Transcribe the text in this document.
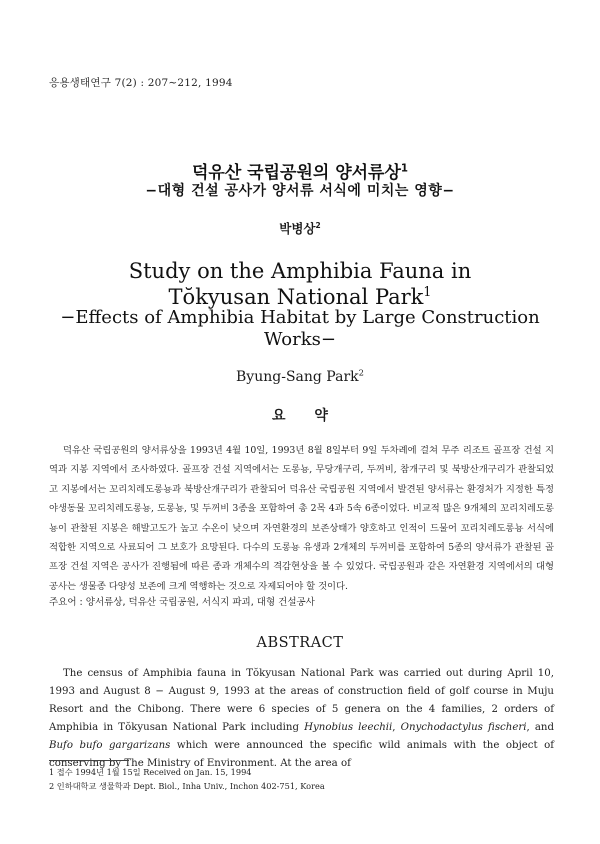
응용생태연구 7(2) : 207∼212, 1994
덕유산 국립공원의 양서류상$^1$
−대형 건설 공사가 양서류 서식에 미치는 영향−
박병상$^2$
Study on the Amphibia Fauna in
Tŏkyusan National Park$^1$
−Effects of Amphibia Habitat by Large Construction
Works−
Byung-Sang Park$^2$
요 약
덕유산 국립공원의 양서류상을 1993년 4월 10일, 1993년 8월 8일부터 9일 두차례에 걸쳐 무주 리조트 골프장 건설 지역과 지봉 지역에서 조사하였다. 골프장 건설 지역에서는 도롱뇽, 무당개구리, 두꺼비, 참개구리 및 북방산개구리가 관찰되었고 지봉에서는 꼬리치레도롱뇽과 북방산개구리가 관찰되어 덕유산 국립공원 지역에서 발견된 양서류는 환경처가 지정한 특정야생동물 꼬리치레도롱뇽, 도롱뇽, 및 두꺼비 3종을 포함하여 총 2목 4과 5속 6종이었다. 비교적 많은 9개체의 꼬리치레도롱뇽이 관찰된 지봉은 해발고도가 높고 수온이 낮으며 자연환경의 보존상태가 양호하고 인적이 드물어 꼬리치레도롱뇽 서식에 적합한 지역으로 사료되어 그 보호가 요망된다. 다수의 도롱뇽 유생과 2개체의 두꺼비를 포함하여 5종의 양서류가 관찰된 골프장 건설 지역은 공사가 진행됨에 따른 종과 개체수의 격감현상을 볼 수 있었다. 국립공원과 같은 자연환경 지역에서의 대형공사는 생물종 다양성 보존에 크게 역행하는 것으로 자제되어야 할 것이다.
주요어 : 양서류상, 덕유산 국립공원, 서식지 파괴, 대형 건설공사
ABSTRACT
The census of Amphibia fauna in Tŏkyusan National Park was carried out during April 10, 1993 and August 8 − August 9, 1993 at the areas of construction field of golf course in Muju Resort and the Chibong. There were 6 species of 5 genera on the 4 families, 2 orders of Amphibia in Tŏkyusan National Park including Hynobius leechii, Onychodactylus fischeri, and Bufo bufo gargarizans which were announced the specific wild animals with the object of conserving by The Ministry of Environment. At the area of
1 접수 1994년 1월 15일 Received on Jan. 15, 1994
2 인하대학교 생물학과 Dept. Biol., Inha Univ., Inchon 402-751, Korea
